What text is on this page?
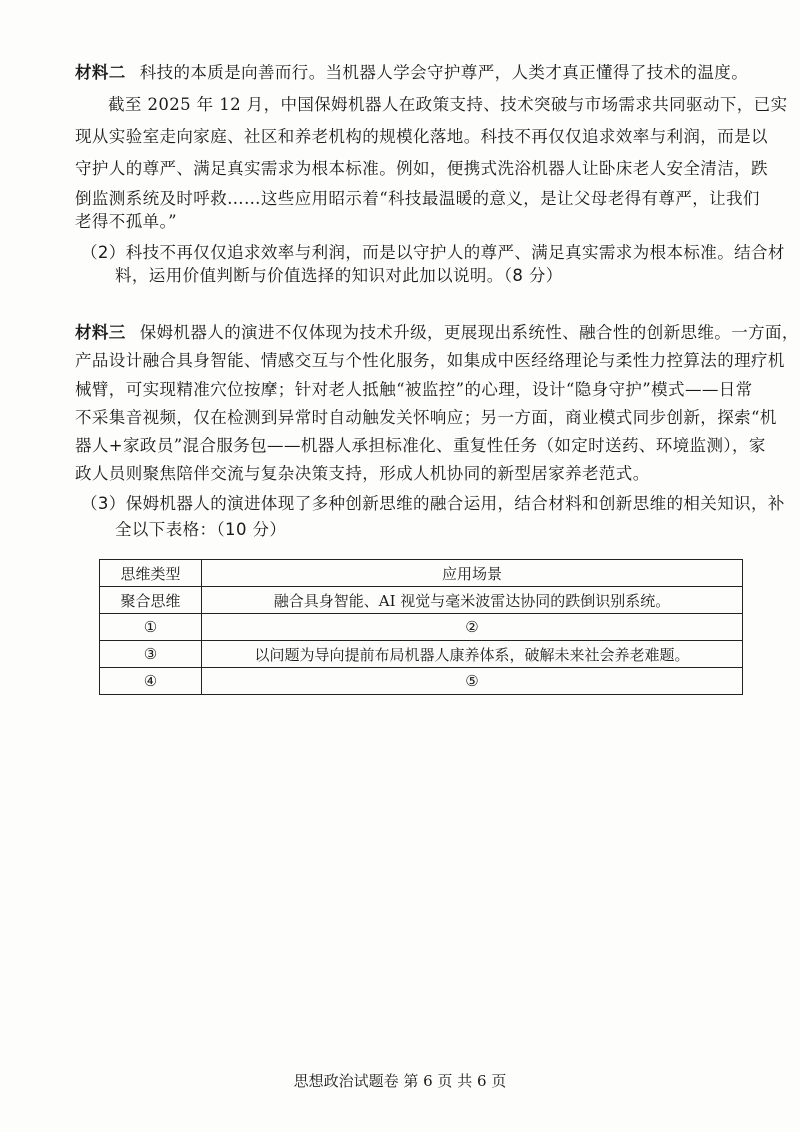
材料二 科技的本质是向善而行。当机器人学会守护尊严，人类才真正懂得了技术的温度。
截至 2025 年 12 月，中国保姆机器人在政策支持、技术突破与市场需求共同驱动下，已实
现从实验室走向家庭、社区和养老机构的规模化落地。科技不再仅仅追求效率与利润，而是以
守护人的尊严、满足真实需求为根本标准。例如，便携式洗浴机器人让卧床老人安全清洁，跌
倒监测系统及时呼救……这些应用昭示着“科技最温暖的意义，是让父母老得有尊严，让我们
老得不孤单。”
（2）科技不再仅仅追求效率与利润，而是以守护人的尊严、满足真实需求为根本标准。结合材
料，运用价值判断与价值选择的知识对此加以说明。（8 分）
材料三 保姆机器人的演进不仅体现为技术升级，更展现出系统性、融合性的创新思维。一方面，
产品设计融合具身智能、情感交互与个性化服务，如集成中医经络理论与柔性力控算法的理疗机
械臂，可实现精准穴位按摩；针对老人抵触“被监控”的心理，设计“隐身守护”模式——日常
不采集音视频，仅在检测到异常时自动触发关怀响应；另一方面，商业模式同步创新，探索“机
器人+家政员”混合服务包——机器人承担标准化、重复性任务（如定时送药、环境监测），家
政人员则聚焦陪伴交流与复杂决策支持，形成人机协同的新型居家养老范式。
（3）保姆机器人的演进体现了多种创新思维的融合运用，结合材料和创新思维的相关知识，补
全以下表格：（10 分）
思维类型	应用场景
聚合思维	融合具身智能、AI 视觉与毫米波雷达协同的跌倒识别系统。
①	②
③	以问题为导向提前布局机器人康养体系，破解未来社会养老难题。
④	⑤
思想政治试题卷 第 6 页 共 6 页
